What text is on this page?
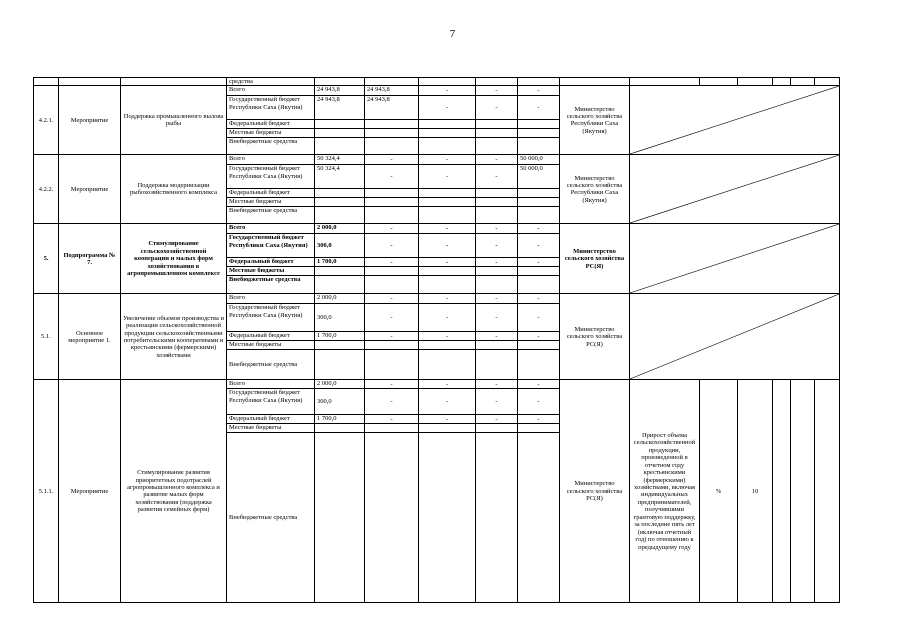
7
			средства												
4.2.1.	Мероприятие	Поддержка промышленного вылова рыбы	Всего	24 943,8	24 943,8	-	-	-	Министерство сельского хозяйства Республики Саха (Якутия)	

			Государственный бюджет Республики Саха (Якутия)	24 943,8	24 943,8	-	-	-							
			Федеральный бюджет												
			Местные бюджеты												
			Внебюджетные средства												
4.2.2.	Мероприятие	Поддержка модернизации рыбохозяйственного комплекса	Всего	50 324,4	-	-	-	50 000,0	Министерство сельского хозяйства Республики Саха (Якутия)	

			Государственный бюджет Республики Саха (Якутия)	50 324,4	-	-	-	50 000,0							
			Федеральный бюджет												
			Местные бюджеты												
			Внебюджетные средства												
5.	Подпрограмма № 7.	Стимулирование сельскохозяйственной кооперации и малых форм хозяйствования в агропромышленном комплексе	Всего	2 000,0	-	-	-	-	Министерство сельского хозяйства РС(Я)	

			Государственный бюджет Республики Саха (Якутия)	300,0	-	-	-	-							
			Федеральный бюджет	1 700,0	-	-	-	-							
			Местные бюджеты												
			Внебюджетные средства												
5.1.	Основное мероприятие 1.	Увеличение объемов производства и реализации сельскохозяйственной продукции сельскохозяйственными потребительскими кооперативами и крестьянскими (фермерскими) хозяйствами	Всего	2 000,0	-	-	-	-	Министерство сельского хозяйства РС(Я)	

			Государственный бюджет Республики Саха (Якутия)	300,0	-	-	-	-							
			Федеральный бюджет	1 700,0	-	-	-	-							
			Местные бюджеты												
			Внебюджетные средства												
5.1.1.	Мероприятие	Стимулирование развития приоритетных подотраслей агропромышленного комплекса и развитие малых форм хозяйствования (поддержка развития семейных ферм)	Всего	2 000,0	-	-	-	-	Министерство сельского хозяйства РС(Я)	Прирост объема сельскохозяйственной продукции, произведенной в отчетном году крестьянскими (фермерскими) хозяйствами, включая индивидуальных предпринимателей, получившими грантовую поддержку, за последние пять лет (включая отчетный год) по отношению к предыдущему году	%	10			
			Государственный бюджет Республики Саха (Якутия)	300,0	-	-	-	-							
			Федеральный бюджет	1 700,0	-	-	-	-							
			Местные бюджеты												
			Внебюджетные средства												
